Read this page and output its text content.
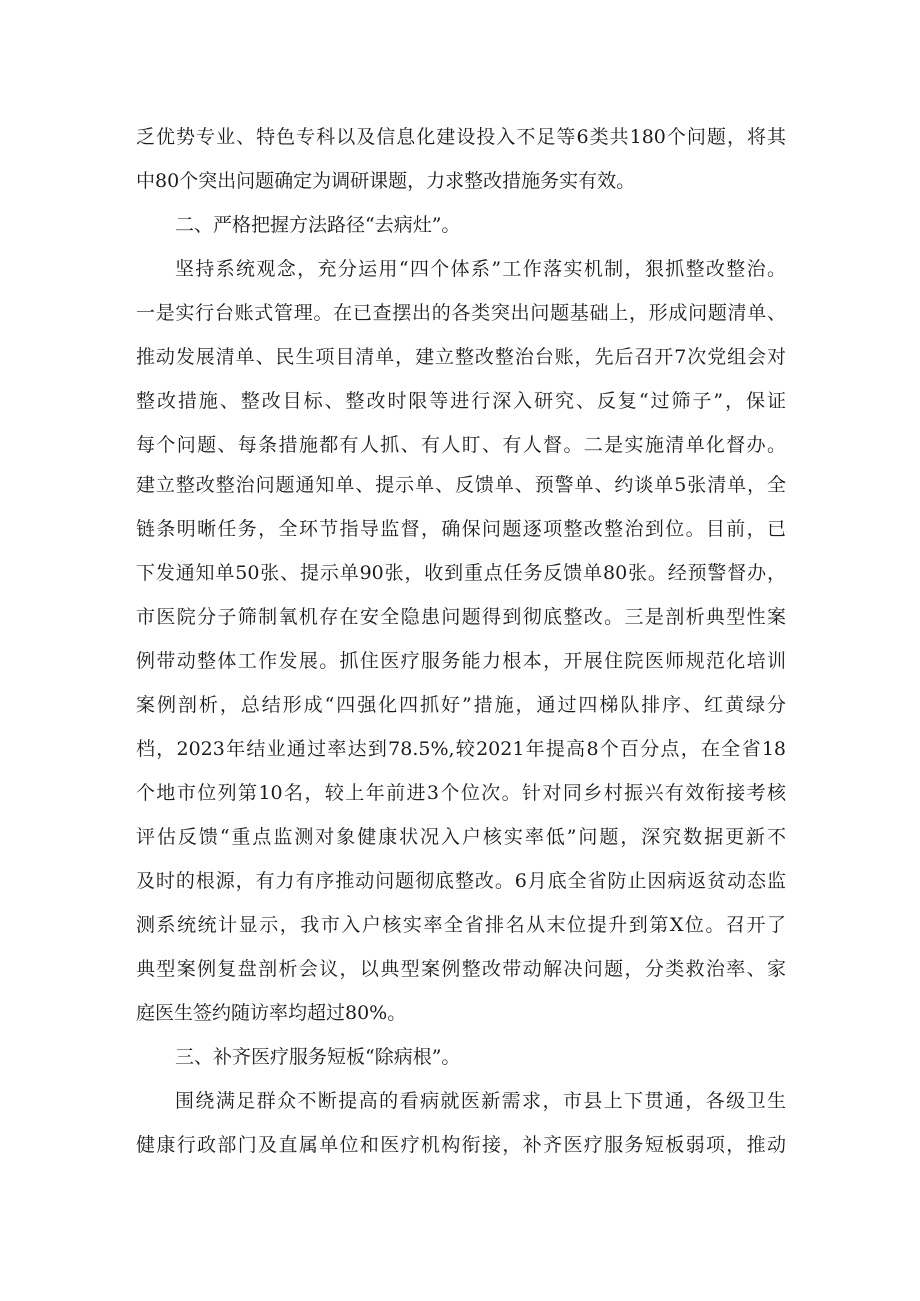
乏优势专业、特色专科以及信息化建设投入不足等6类共180个问题，将其
中80个突出问题确定为调研课题，力求整改措施务实有效。
二、严格把握方法路径“去病灶”。
坚持系统观念，充分运用“四个体系”工作落实机制，狠抓整改整治。
一是实行台账式管理。在已查摆出的各类突出问题基础上，形成问题清单、
推动发展清单、民生项目清单，建立整改整治台账，先后召开7次党组会对
整改措施、整改目标、整改时限等进行深入研究、反复“过筛子”，保证
每个问题、每条措施都有人抓、有人盯、有人督。二是实施清单化督办。
建立整改整治问题通知单、提示单、反馈单、预警单、约谈单5张清单，全
链条明晰任务，全环节指导监督，确保问题逐项整改整治到位。目前，已
下发通知单50张、提示单90张，收到重点任务反馈单80张。经预警督办，
市医院分子筛制氧机存在安全隐患问题得到彻底整改。三是剖析典型性案
例带动整体工作发展。抓住医疗服务能力根本，开展住院医师规范化培训
案例剖析，总结形成“四强化四抓好”措施，通过四梯队排序、红黄绿分
档，2023年结业通过率达到78.5%,较2021年提高8个百分点，在全省18
个地市位列第10名，较上年前进3个位次。针对同乡村振兴有效衔接考核
评估反馈“重点监测对象健康状况入户核实率低”问题，深究数据更新不
及时的根源，有力有序推动问题彻底整改。6月底全省防止因病返贫动态监
测系统统计显示，我市入户核实率全省排名从末位提升到第X位。召开了
典型案例复盘剖析会议，以典型案例整改带动解决问题，分类救治率、家
庭医生签约随访率均超过80%。
三、补齐医疗服务短板“除病根”。
围绕满足群众不断提高的看病就医新需求，市县上下贯通，各级卫生
健康行政部门及直属单位和医疗机构衔接，补齐医疗服务短板弱项，推动
